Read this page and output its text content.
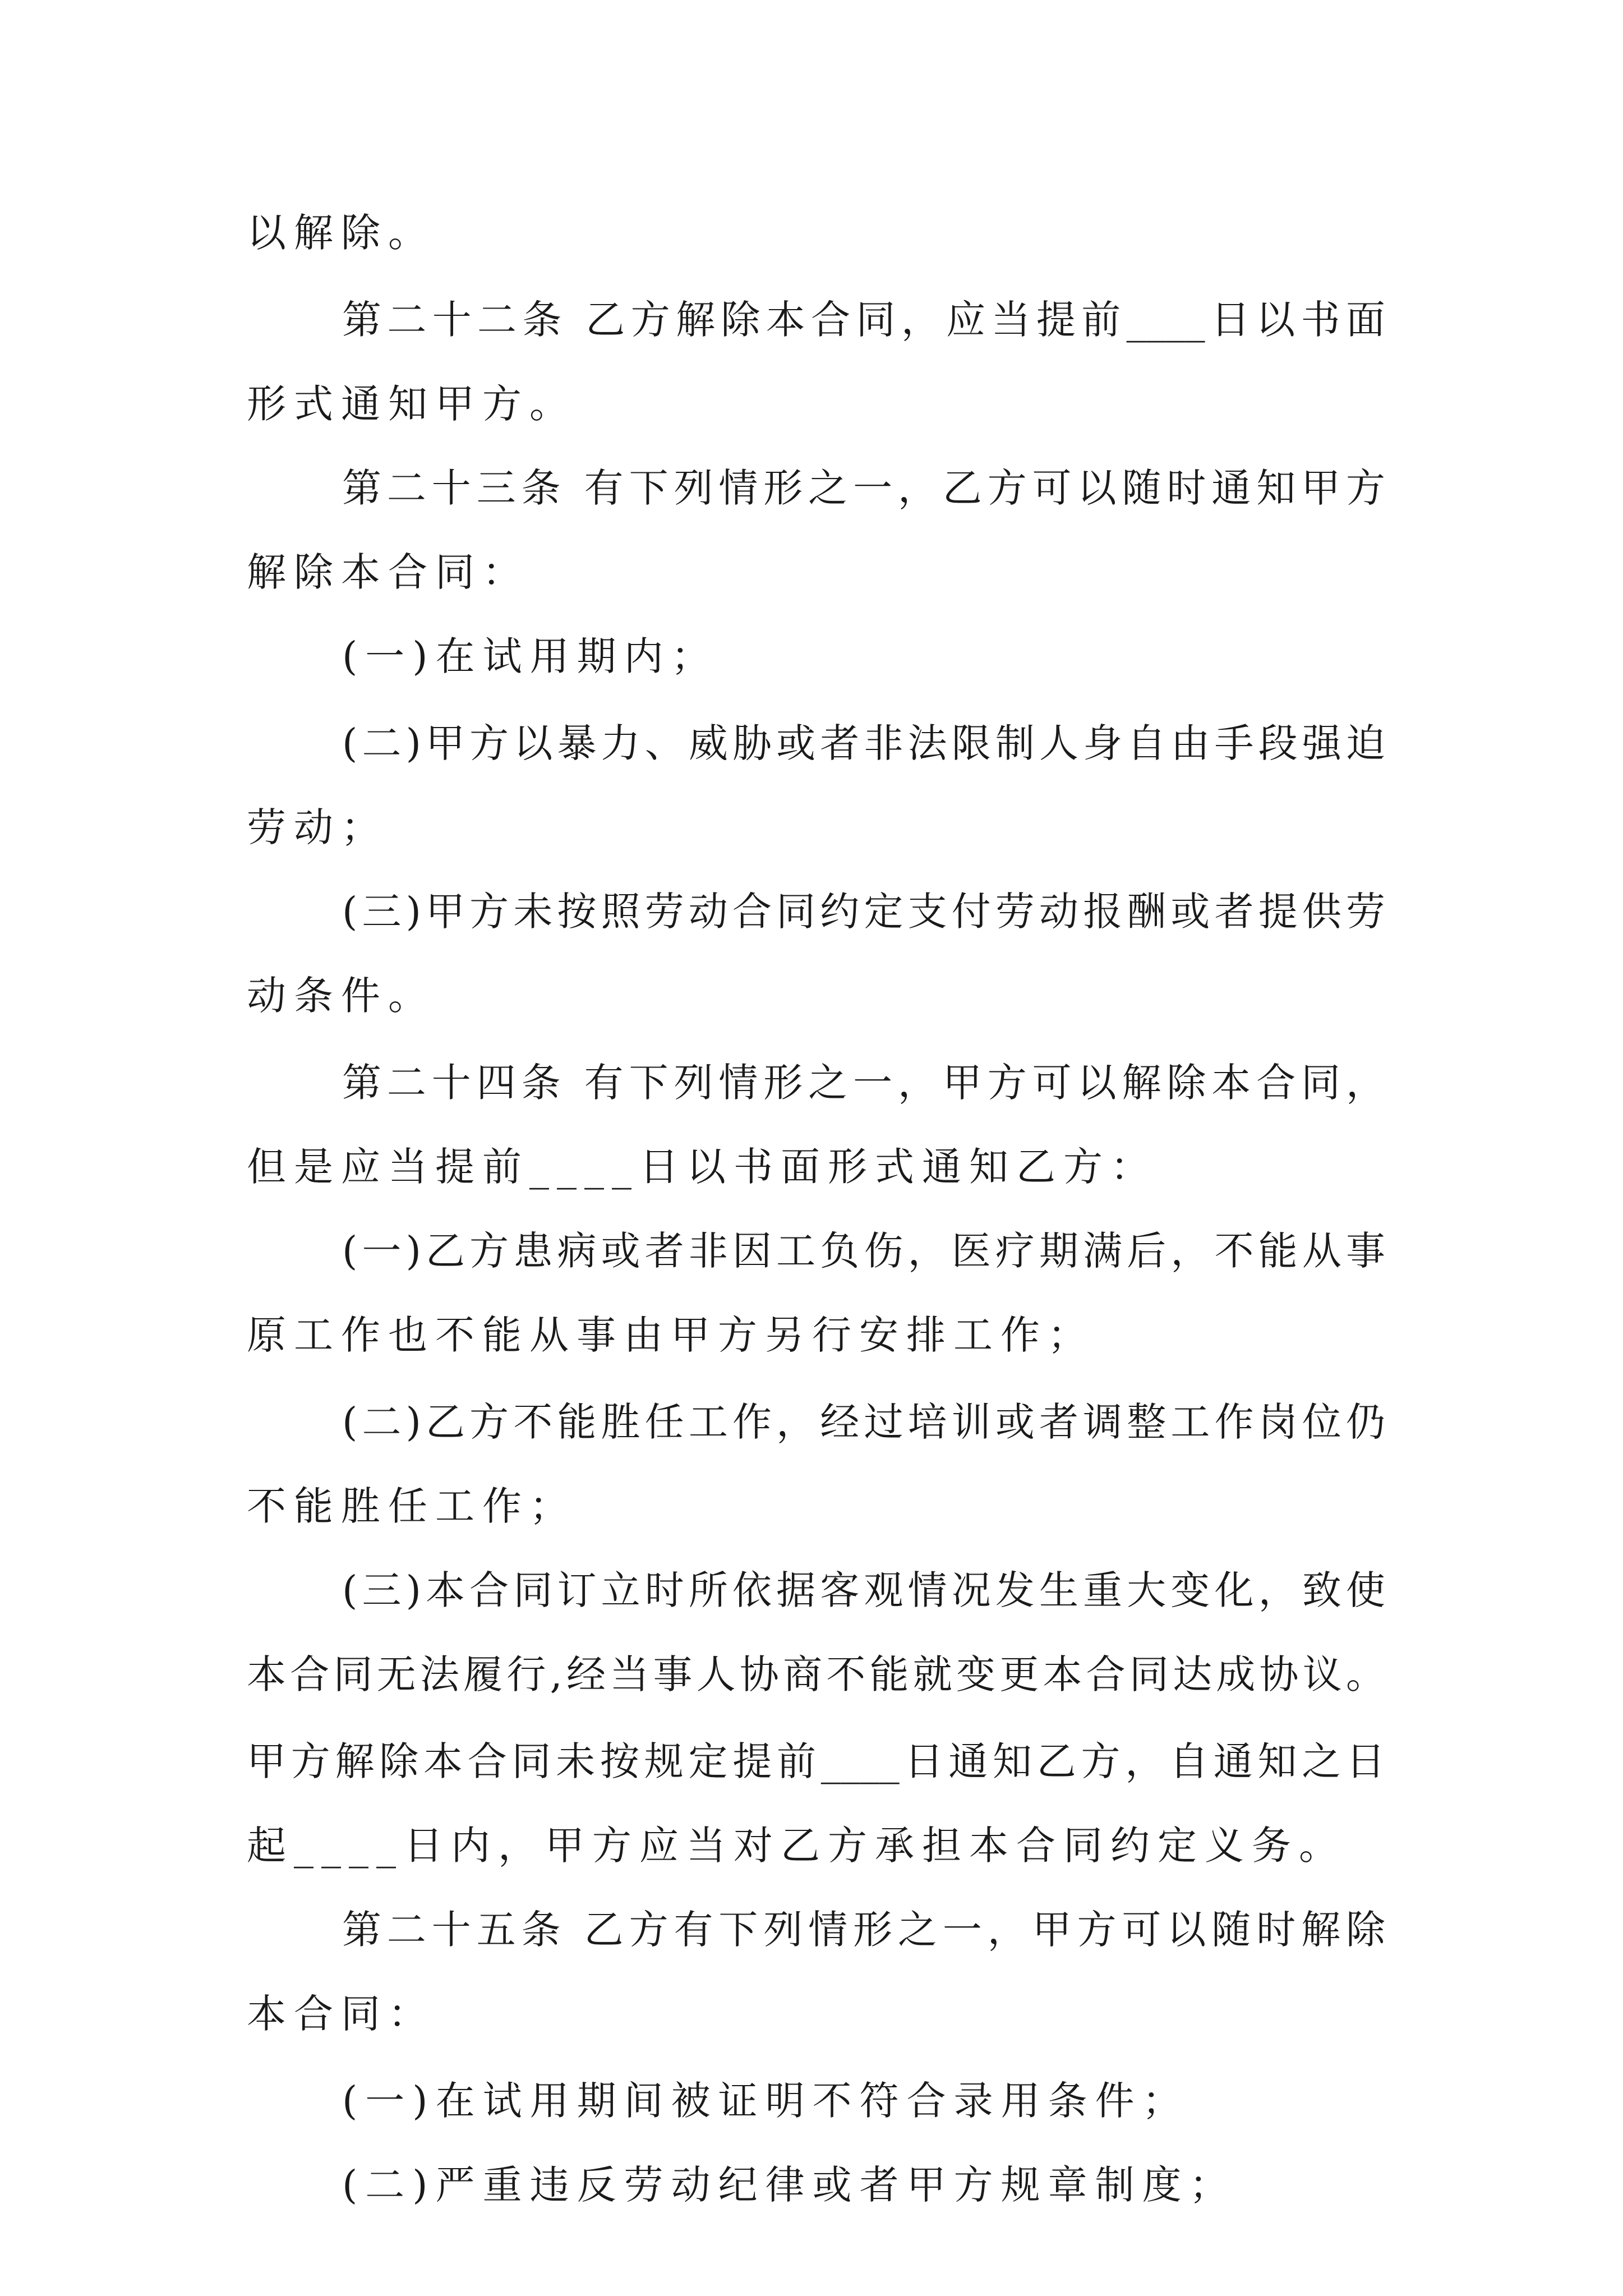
以解除。

第二十二条 乙方解除本合同，应当提前____日以书面

形式通知甲方。

第二十三条 有下列情形之一，乙方可以随时通知甲方

解除本合同：

(一)在试用期内；

(二)甲方以暴力、威胁或者非法限制人身自由手段强迫

劳动；

(三)甲方未按照劳动合同约定支付劳动报酬或者提供劳

动条件。

第二十四条 有下列情形之一，甲方可以解除本合同，

但是应当提前____日以书面形式通知乙方：

(一)乙方患病或者非因工负伤，医疗期满后，不能从事

原工作也不能从事由甲方另行安排工作；

(二)乙方不能胜任工作，经过培训或者调整工作岗位仍

不能胜任工作；

(三)本合同订立时所依据客观情况发生重大变化，致使

本合同无法履行,经当事人协商不能就变更本合同达成协议。

甲方解除本合同未按规定提前____日通知乙方，自通知之日

起____日内，甲方应当对乙方承担本合同约定义务。

第二十五条 乙方有下列情形之一，甲方可以随时解除

本合同：

(一)在试用期间被证明不符合录用条件；

(二)严重违反劳动纪律或者甲方规章制度；
